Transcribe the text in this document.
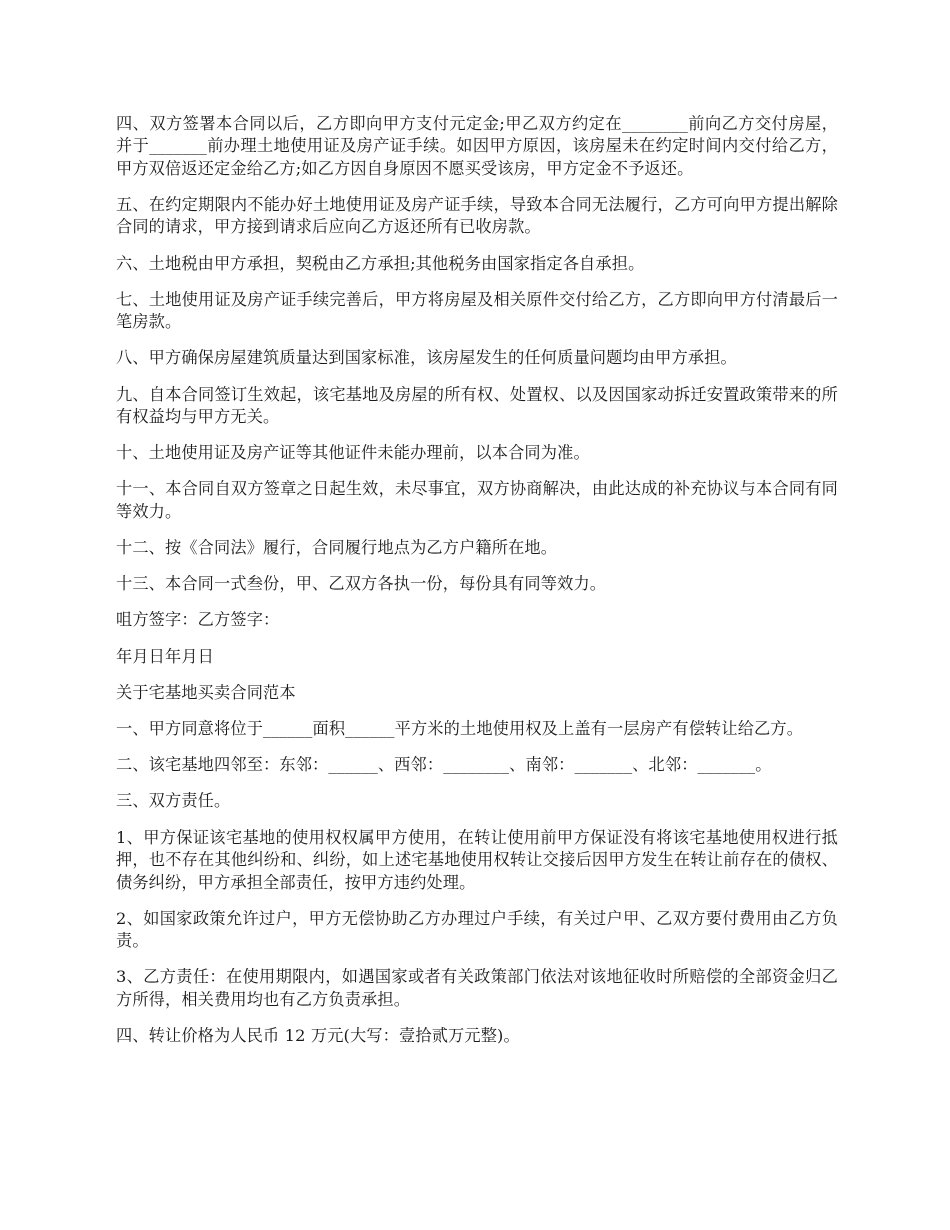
四、双方签署本合同以后，乙方即向甲方支付元定金;甲乙双方约定在________前向乙方交付房屋，并于_______前办理土地使用证及房产证手续。如因甲方原因，该房屋未在约定时间内交付给乙方，甲方双倍返还定金给乙方;如乙方因自身原因不愿买受该房，甲方定金不予返还。

五、在约定期限内不能办好土地使用证及房产证手续，导致本合同无法履行，乙方可向甲方提出解除合同的请求，甲方接到请求后应向乙方返还所有已收房款。

六、土地税由甲方承担，契税由乙方承担;其他税务由国家指定各自承担。

七、土地使用证及房产证手续完善后，甲方将房屋及相关原件交付给乙方，乙方即向甲方付清最后一笔房款。

八、甲方确保房屋建筑质量达到国家标准，该房屋发生的任何质量问题均由甲方承担。

九、自本合同签订生效起，该宅基地及房屋的所有权、处置权、以及因国家动拆迁安置政策带来的所有权益均与甲方无关。

十、土地使用证及房产证等其他证件未能办理前，以本合同为准。

十一、本合同自双方签章之日起生效，未尽事宜，双方协商解决，由此达成的补充协议与本合同有同等效力。

十二、按《合同法》履行，合同履行地点为乙方户籍所在地。

十三、本合同一式叁份，甲、乙双方各执一份，每份具有同等效力。

咀方签字：乙方签字：

年月日年月日

关于宅基地买卖合同范本

一、甲方同意将位于______面积______平方米的土地使用权及上盖有一层房产有偿转让给乙方。

二、该宅基地四邻至：东邻：______、西邻：________、南邻：_______、北邻：_______。

三、双方责任。

1、甲方保证该宅基地的使用权权属甲方使用，在转让使用前甲方保证没有将该宅基地使用权进行抵押，也不存在其他纠纷和、纠纷，如上述宅基地使用权转让交接后因甲方发生在转让前存在的债权、债务纠纷，甲方承担全部责任，按甲方违约处理。

2、如国家政策允许过户，甲方无偿协助乙方办理过户手续，有关过户甲、乙双方要付费用由乙方负责。

3、乙方责任：在使用期限内，如遇国家或者有关政策部门依法对该地征收时所赔偿的全部资金归乙方所得，相关费用均也有乙方负责承担。

四、转让价格为人民币 12 万元(大写：壹拾贰万元整)。
